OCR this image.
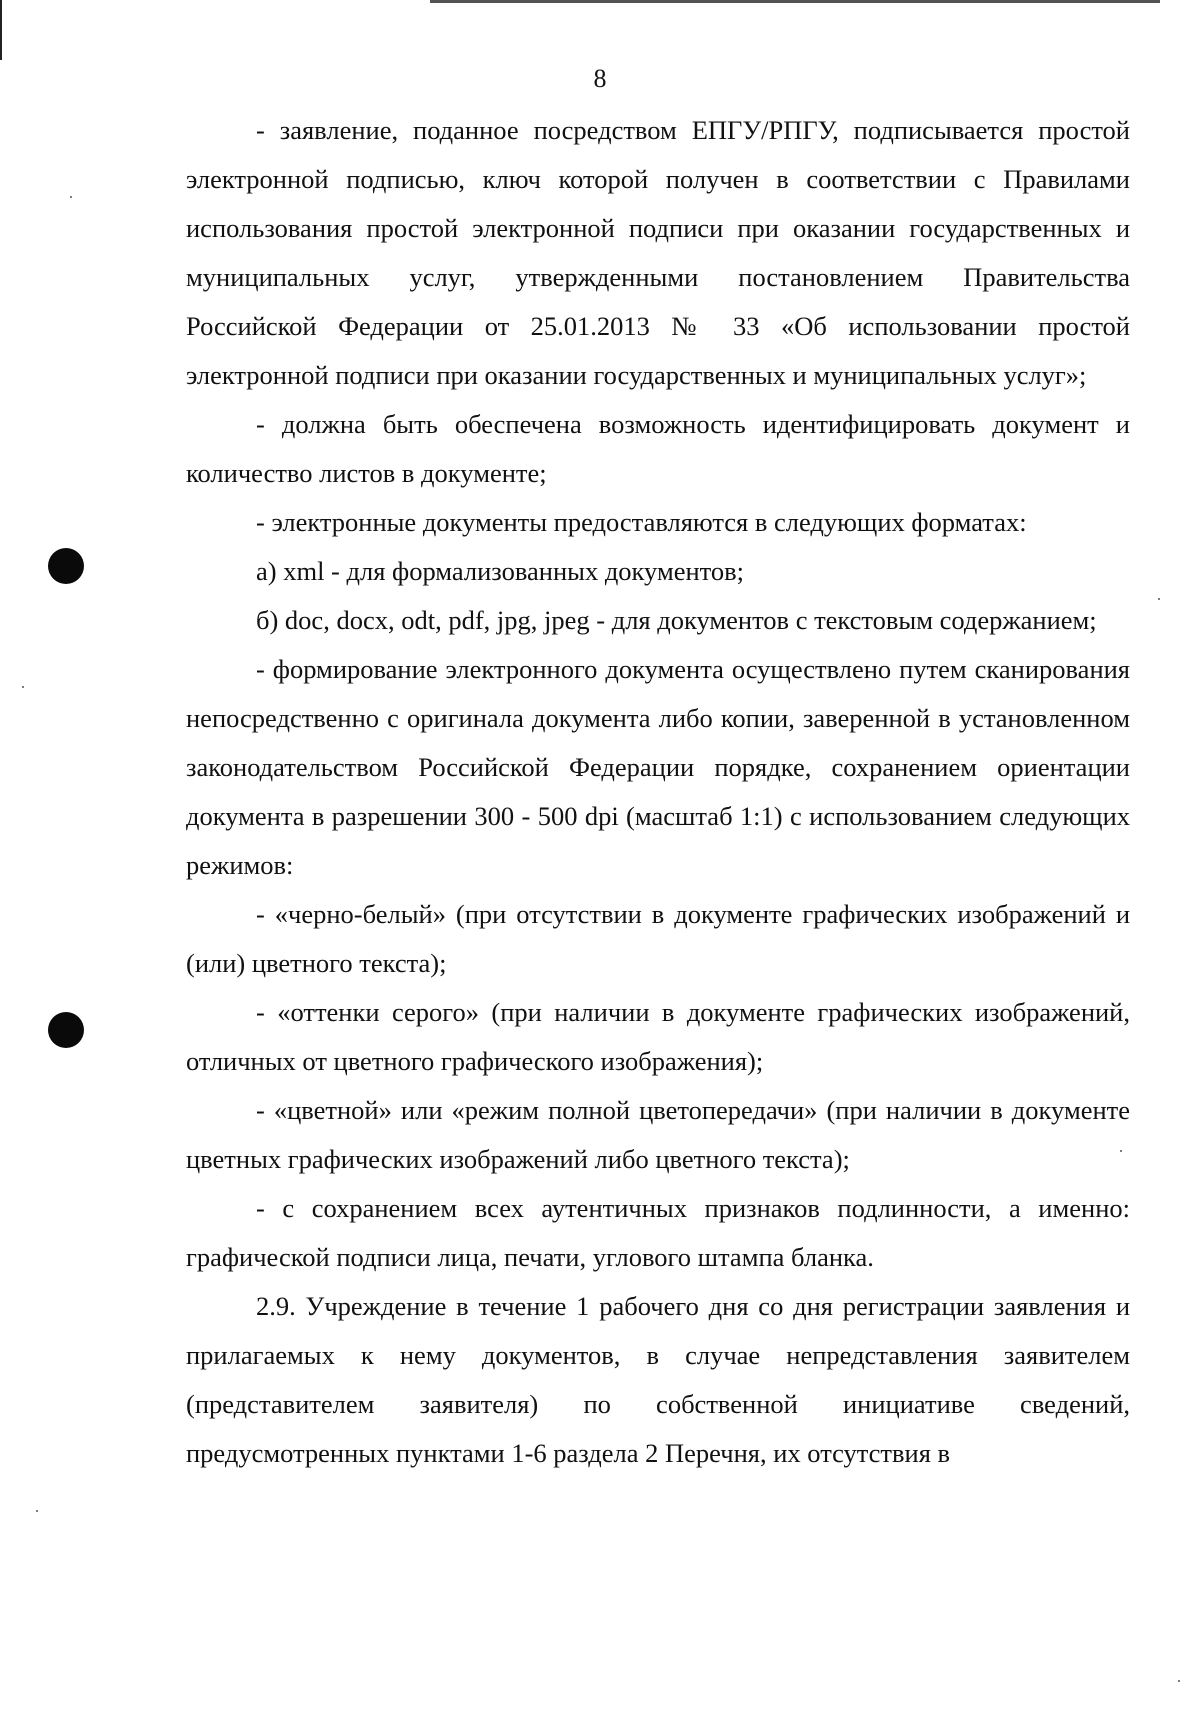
8

- заявление, поданное посредством ЕПГУ/РПГУ, подписывается простой электронной подписью, ключ которой получен в соответствии с Правилами использования простой электронной подписи при оказании государственных и муниципальных услуг, утвержденными постановлением Правительства Российской Федерации от 25.01.2013 № 33 «Об использовании простой электронной подписи при оказании государственных и муниципальных услуг»;

- должна быть обеспечена возможность идентифицировать документ и количество листов в документе;

- электронные документы предоставляются в следующих форматах:

а) xml - для формализованных документов;

б) doc, docx, odt, pdf, jpg, jpeg - для документов с текстовым содержанием;

- формирование электронного документа осуществлено путем сканирования непосредственно с оригинала документа либо копии, заверенной в установленном законодательством Российской Федерации порядке, сохранением ориентации документа в разрешении 300 - 500 dpi (масштаб 1:1) с использованием следующих режимов:

- «черно-белый» (при отсутствии в документе графических изображений и (или) цветного текста);

- «оттенки серого» (при наличии в документе графических изображений, отличных от цветного графического изображения);

- «цветной» или «режим полной цветопередачи» (при наличии в документе цветных графических изображений либо цветного текста);

- с сохранением всех аутентичных признаков подлинности, а именно: графической подписи лица, печати, углового штампа бланка.

2.9. Учреждение в течение 1 рабочего дня со дня регистрации заявления и прилагаемых к нему документов, в случае непредставления заявителем (представителем заявителя) по собственной инициативе сведений, предусмотренных пунктами 1-6 раздела 2 Перечня, их отсутствия в
